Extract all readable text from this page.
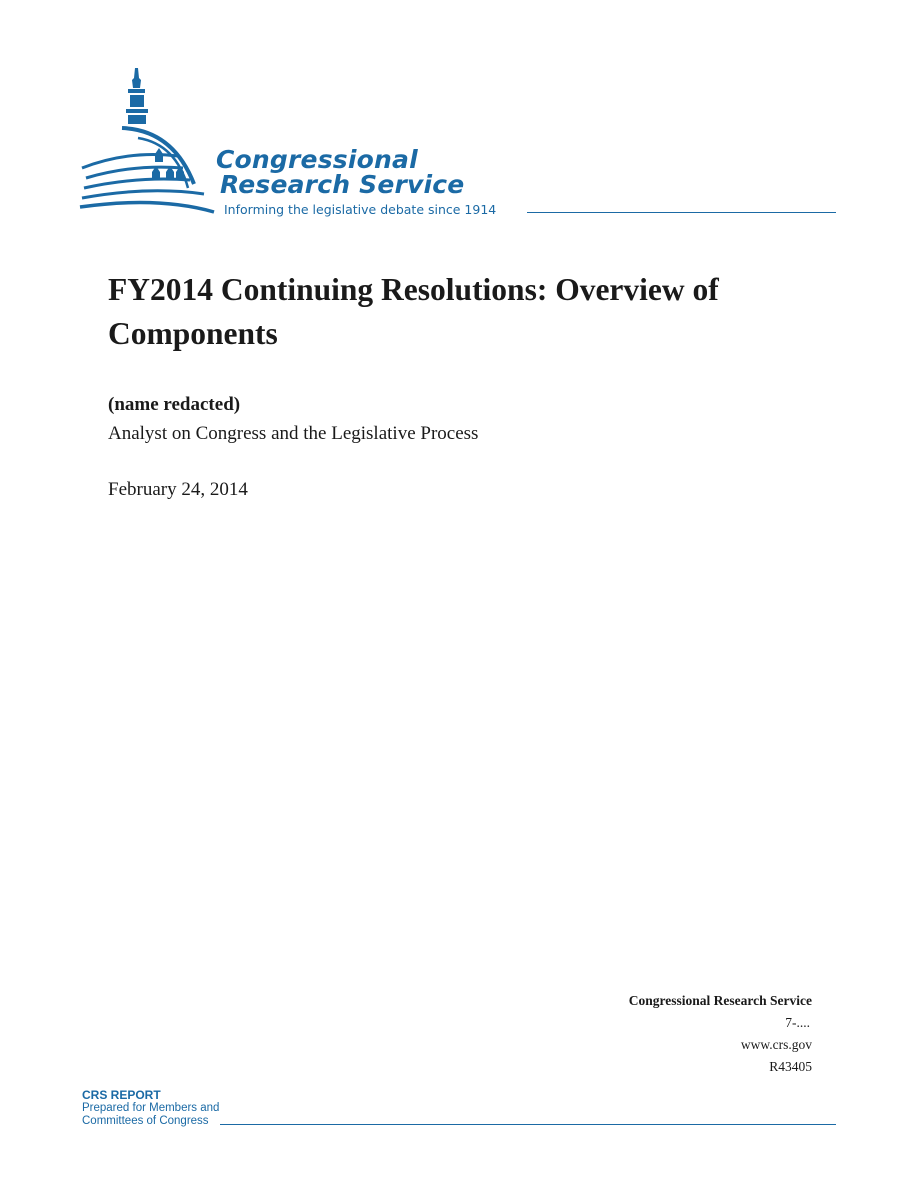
Congressional
Research Service
Informing the legislative debate since 1914
FY2014 Continuing Resolutions: Overview of Components
(name redacted)
Analyst on Congress and the Legislative Process
February 24, 2014
Congressional Research Service
7-....
www.crs.gov
R43405
CRS REPORT
Prepared for Members and
Committees of Congress
